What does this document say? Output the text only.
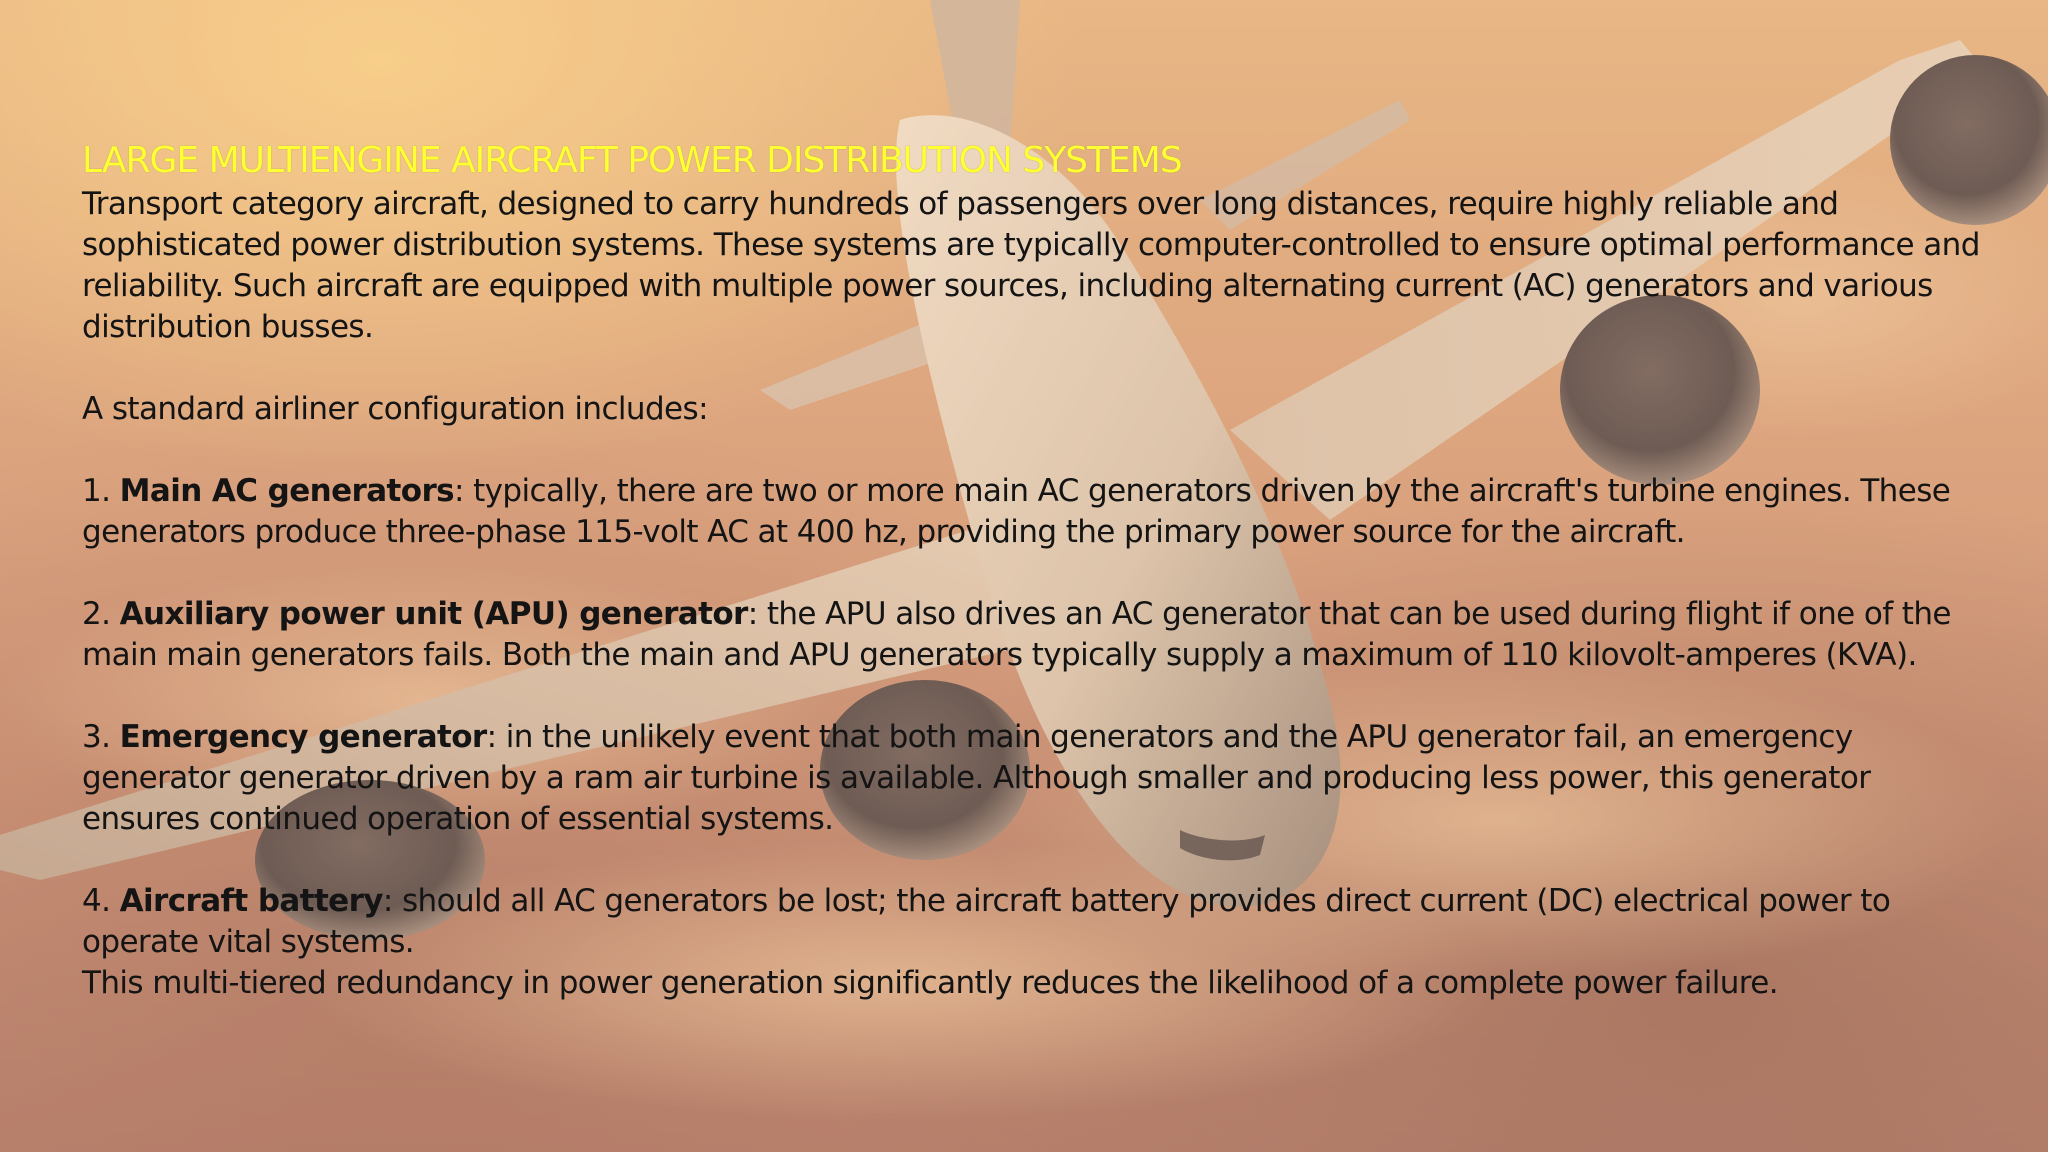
LARGE MULTIENGINE AIRCRAFT POWER DISTRIBUTION SYSTEMS

Transport category aircraft, designed to carry hundreds of passengers over long distances, require highly reliable and sophisticated power distribution systems. These systems are typically computer-controlled to ensure optimal performance and reliability. Such aircraft are equipped with multiple power sources, including alternating current (AC) generators and various distribution busses.

A standard airliner configuration includes:

1. Main AC generators: typically, there are two or more main AC generators driven by the aircraft's turbine engines. These generators produce three-phase 115-volt AC at 400 hz, providing the primary power source for the aircraft.

2. Auxiliary power unit (APU) generator: the APU also drives an AC generator that can be used during flight if one of the main main generators fails. Both the main and APU generators typically supply a maximum of 110 kilovolt-amperes (KVA).

3. Emergency generator: in the unlikely event that both main generators and the APU generator fail, an emergency generator generator driven by a ram air turbine is available. Although smaller and producing less power, this generator ensures continued operation of essential systems.

4. Aircraft battery: should all AC generators be lost; the aircraft battery provides direct current (DC) electrical power to operate vital systems.

This multi-tiered redundancy in power generation significantly reduces the likelihood of a complete power failure.
